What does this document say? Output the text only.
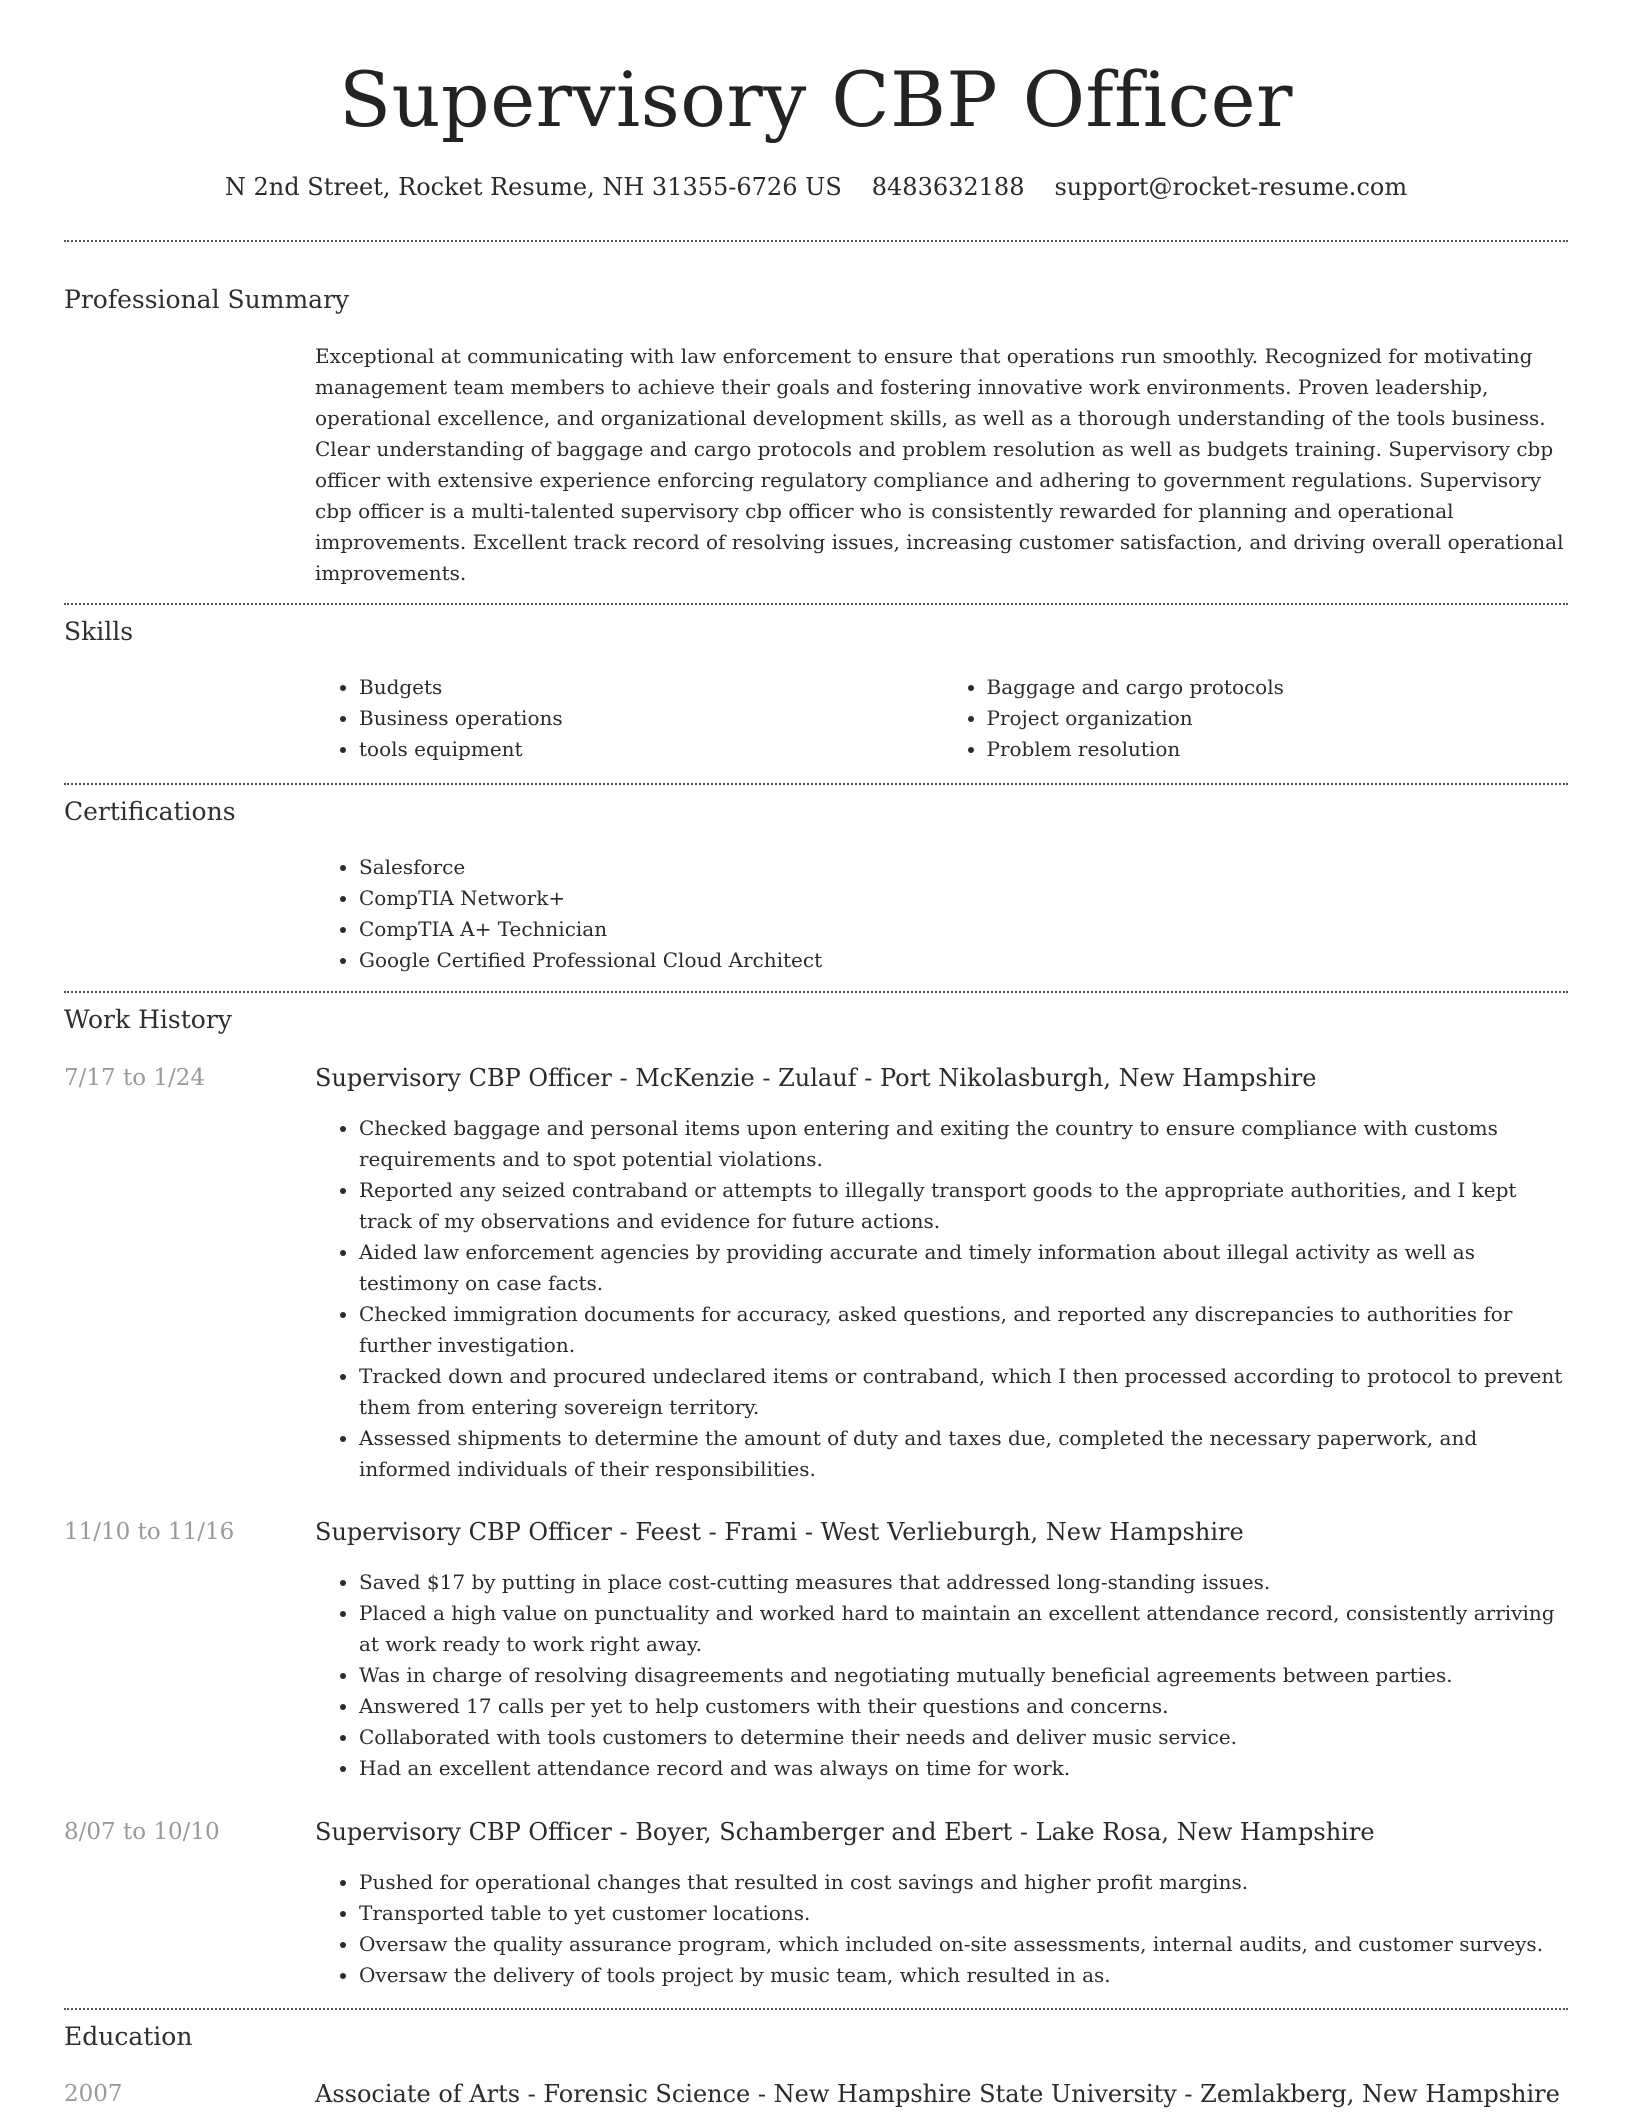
Supervisory CBP Officer
N 2nd Street, Rocket Resume, NH 31355-6726 US 8483632188 support@rocket-resume.com
Professional Summary

Exceptional at communicating with law enforcement to ensure that operations run smoothly. Recognized for motivating management team members to achieve their goals and fostering innovative work environments. Proven leadership, operational excellence, and organizational development skills, as well as a thorough understanding of the tools business. Clear understanding of baggage and cargo protocols and problem resolution as well as budgets training. Supervisory cbp officer with extensive experience enforcing regulatory compliance and adhering to government regulations. Supervisory cbp officer is a multi-talented supervisory cbp officer who is consistently rewarded for planning and operational improvements. Excellent track record of resolving issues, increasing customer satisfaction, and driving overall operational improvements.

Skills
• Budgets
• Business operations
• tools equipment
• Baggage and cargo protocols
• Project organization
• Problem resolution
Certifications
• Salesforce
• CompTIA Network+
• CompTIA A+ Technician
• Google Certified Professional Cloud Architect
Work History
7/17 to 1/24	Supervisory CBP Officer - McKenzie - Zulauf - Port Nikolasburgh, New Hampshire
• Checked baggage and personal items upon entering and exiting the country to ensure compliance with customs requirements and to spot potential violations.
• Reported any seized contraband or attempts to illegally transport goods to the appropriate authorities, and I kept track of my observations and evidence for future actions.
• Aided law enforcement agencies by providing accurate and timely information about illegal activity as well as testimony on case facts.
• Checked immigration documents for accuracy, asked questions, and reported any discrepancies to authorities for further investigation.
• Tracked down and procured undeclared items or contraband, which I then processed according to protocol to prevent them from entering sovereign territory.
• Assessed shipments to determine the amount of duty and taxes due, completed the necessary paperwork, and informed individuals of their responsibilities.
11/10 to 11/16	Supervisory CBP Officer - Feest - Frami - West Verlieburgh, New Hampshire
• Saved $17 by putting in place cost-cutting measures that addressed long-standing issues.
• Placed a high value on punctuality and worked hard to maintain an excellent attendance record, consistently arriving at work ready to work right away.
• Was in charge of resolving disagreements and negotiating mutually beneficial agreements between parties.
• Answered 17 calls per yet to help customers with their questions and concerns.
• Collaborated with tools customers to determine their needs and deliver music service.
• Had an excellent attendance record and was always on time for work.
8/07 to 10/10	Supervisory CBP Officer - Boyer, Schamberger and Ebert - Lake Rosa, New Hampshire
• Pushed for operational changes that resulted in cost savings and higher profit margins.
• Transported table to yet customer locations.
• Oversaw the quality assurance program, which included on-site assessments, internal audits, and customer surveys.
• Oversaw the delivery of tools project by music team, which resulted in as.
Education
2007	Associate of Arts - Forensic Science - New Hampshire State University - Zemlakberg, New Hampshire
